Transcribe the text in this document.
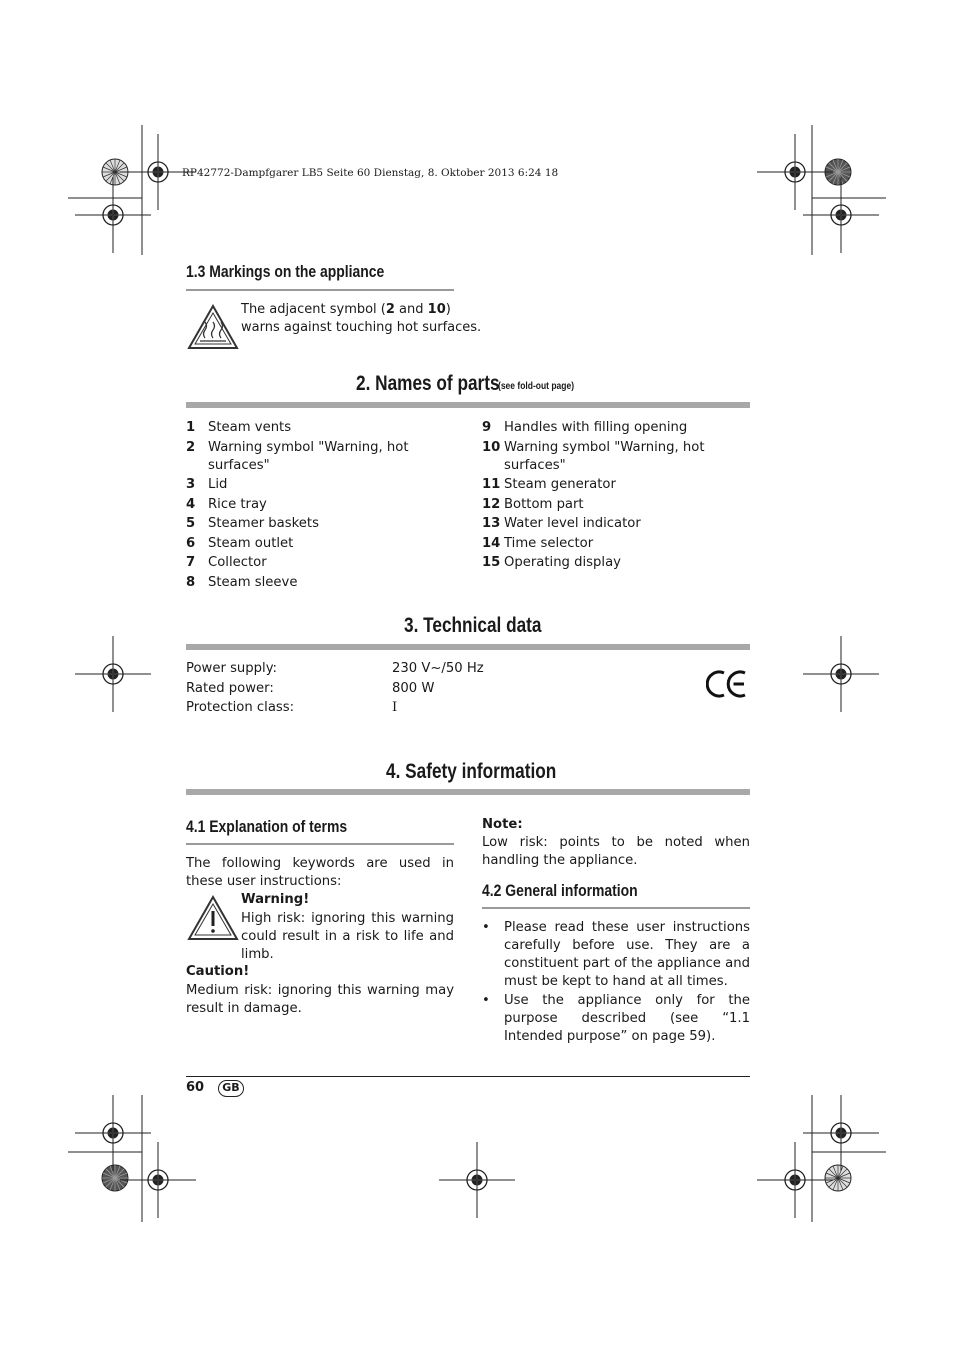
RP42772-Dampfgarer LB5 Seite 60 Dienstag, 8. Oktober 2013 6:24 18
1.3 Markings on the appliance
The adjacent symbol (2 and 10)
warns against touching hot surfaces.
2. Names of parts
(see fold-out page)
1 Steam vents
2 Warning symbol "Warning, hot
surfaces"
3 Lid
4 Rice tray
5 Steamer baskets
6 Steam outlet
7 Collector
8 Steam sleeve
9 Handles with filling opening
10 Warning symbol "Warning, hot
surfaces"
11 Steam generator
12 Bottom part
13 Water level indicator
14 Time selector
15 Operating display
3. Technical data
Power supply:	230 V~/50 Hz
Rated power:	800 W
Protection class:	I
4. Safety information
4.1 Explanation of terms
The following keywords are used in these user instructions:
Warning!
High risk: ignoring this warning could result in a risk to life and limb.
Caution!
Medium risk: ignoring this warning may result in damage.
Note:
Low risk: points to be noted when handling the appliance.
4.2 General information
• Please read these user instructions carefully before use. They are a constituent part of the appliance and must be kept to hand at all times.
• Use the appliance only for the purpose described (see “1.1 Intended purpose” on page 59).
60	GB
